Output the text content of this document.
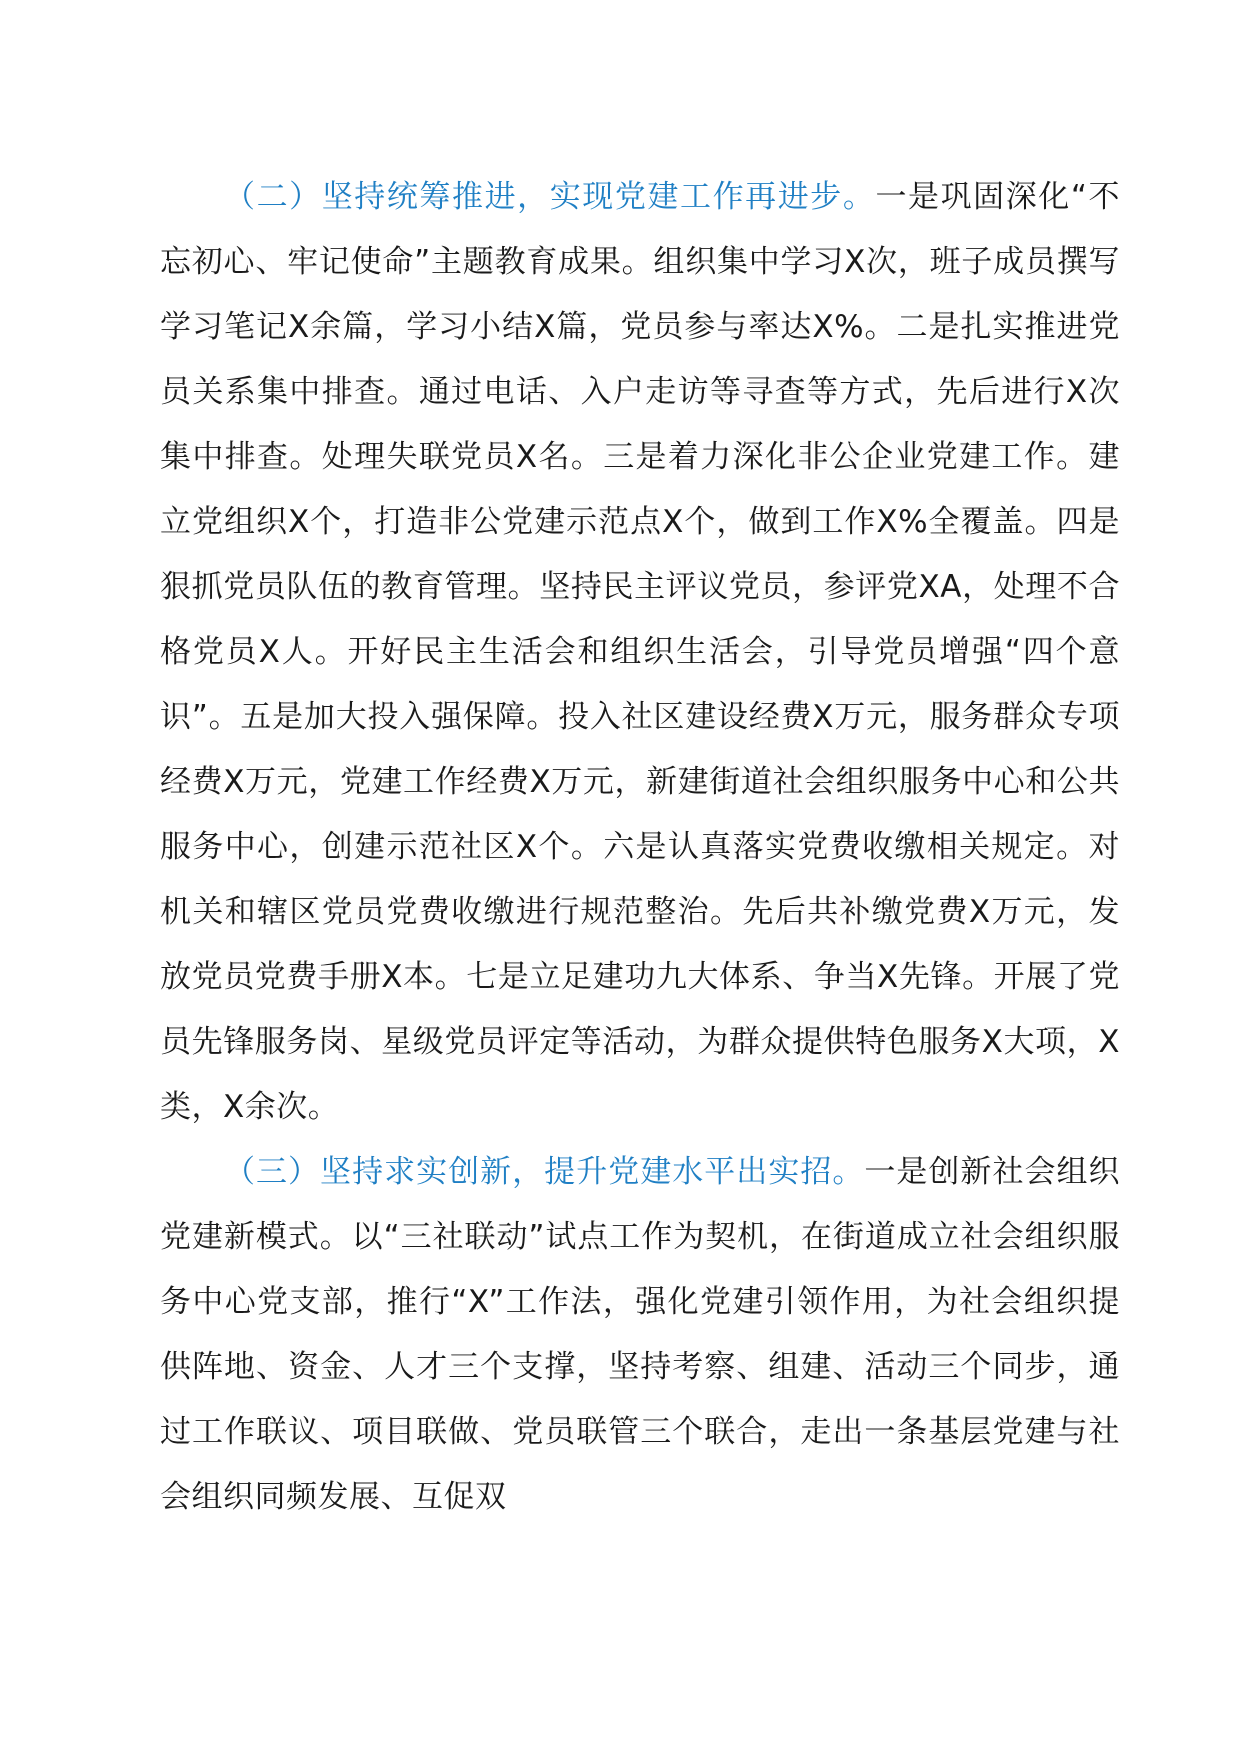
（二）坚持统筹推进，实现党建工作再进步。一是巩固深化“不忘初心、牢记使命”主题教育成果。组织集中学习X次，班子成员撰写学习笔记X余篇，学习小结X篇，党员参与率达X%。二是扎实推进党员关系集中排查。通过电话、入户走访等寻查等方式，先后进行X次集中排查。处理失联党员X名。三是着力深化非公企业党建工作。建立党组织X个，打造非公党建示范点X个，做到工作X%全覆盖。四是狠抓党员队伍的教育管理。坚持民主评议党员，参评党XA，处理不合格党员X人。开好民主生活会和组织生活会，引导党员增强“四个意识”。五是加大投入强保障。投入社区建设经费X万元，服务群众专项经费X万元，党建工作经费X万元，新建街道社会组织服务中心和公共服务中心，创建示范社区X个。六是认真落实党费收缴相关规定。对机关和辖区党员党费收缴进行规范整治。先后共补缴党费X万元，发放党员党费手册X本。七是立足建功九大体系、争当X先锋。开展了党员先锋服务岗、星级党员评定等活动，为群众提供特色服务X大项，X类，X余次。

（三）坚持求实创新，提升党建水平出实招。一是创新社会组织党建新模式。以“三社联动”试点工作为契机，在街道成立社会组织服务中心党支部，推行“X”工作法，强化党建引领作用，为社会组织提供阵地、资金、人才三个支撑，坚持考察、组建、活动三个同步，通过工作联议、项目联做、党员联管三个联合，走出一条基层党建与社会组织同频发展、互促双
